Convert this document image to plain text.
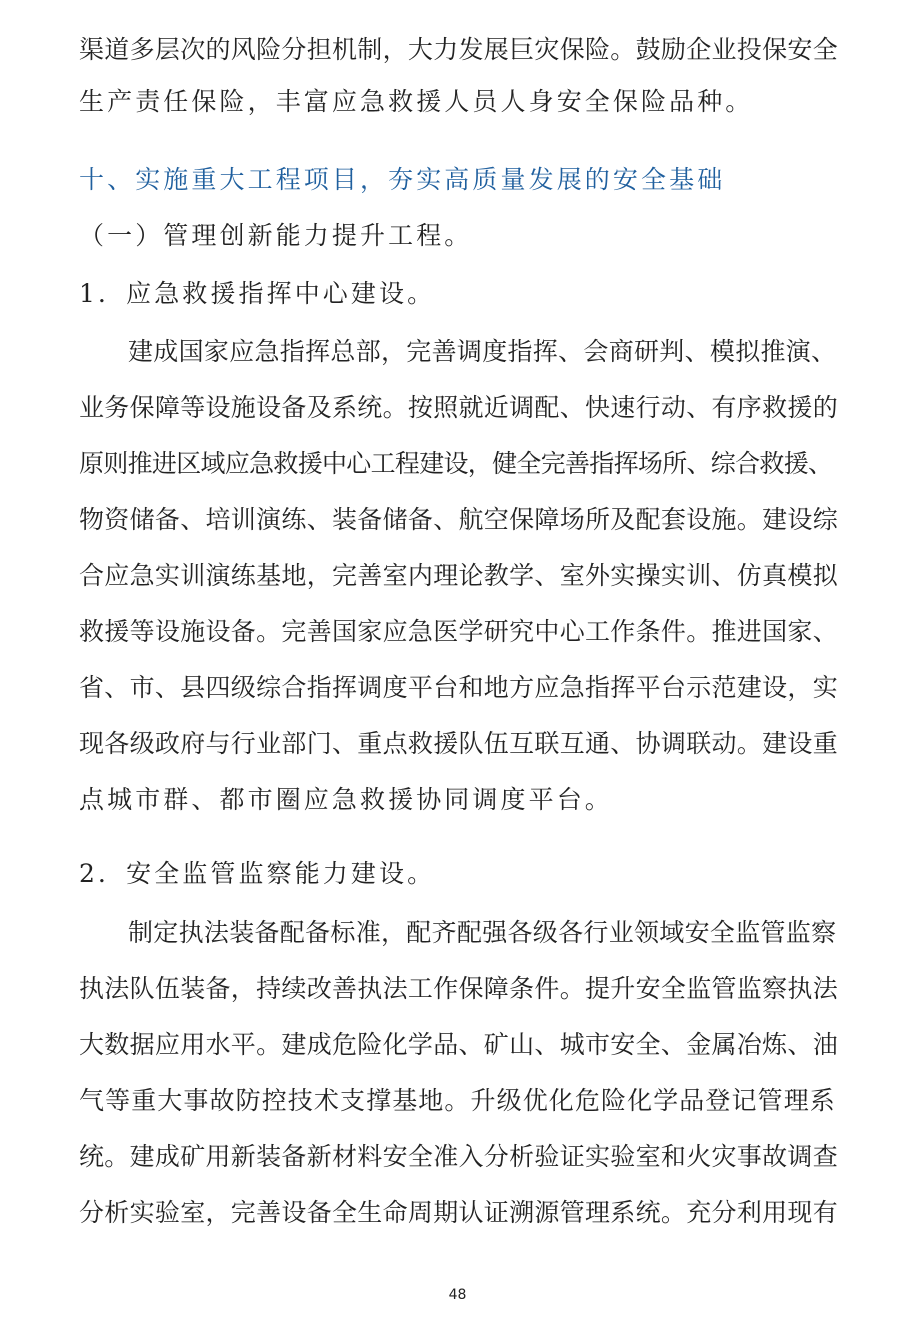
渠道多层次的风险分担机制，大力发展巨灾保险。鼓励企业投保安全
生产责任保险，丰富应急救援人员人身安全保险品种。
十、实施重大工程项目，夯实高质量发展的安全基础
（一）管理创新能力提升工程。
1．应急救援指挥中心建设。
建成国家应急指挥总部，完善调度指挥、会商研判、模拟推演、
业务保障等设施设备及系统。按照就近调配、快速行动、有序救援的
原则推进区域应急救援中心工程建设，健全完善指挥场所、综合救援、
物资储备、培训演练、装备储备、航空保障场所及配套设施。建设综
合应急实训演练基地，完善室内理论教学、室外实操实训、仿真模拟
救援等设施设备。完善国家应急医学研究中心工作条件。推进国家、
省、市、县四级综合指挥调度平台和地方应急指挥平台示范建设，实
现各级政府与行业部门、重点救援队伍互联互通、协调联动。建设重
点城市群、都市圈应急救援协同调度平台。
2．安全监管监察能力建设。
制定执法装备配备标准，配齐配强各级各行业领域安全监管监察
执法队伍装备，持续改善执法工作保障条件。提升安全监管监察执法
大数据应用水平。建成危险化学品、矿山、城市安全、金属冶炼、油
气等重大事故防控技术支撑基地。升级优化危险化学品登记管理系
统。建成矿用新装备新材料安全准入分析验证实验室和火灾事故调查
分析实验室，完善设备全生命周期认证溯源管理系统。充分利用现有
48
